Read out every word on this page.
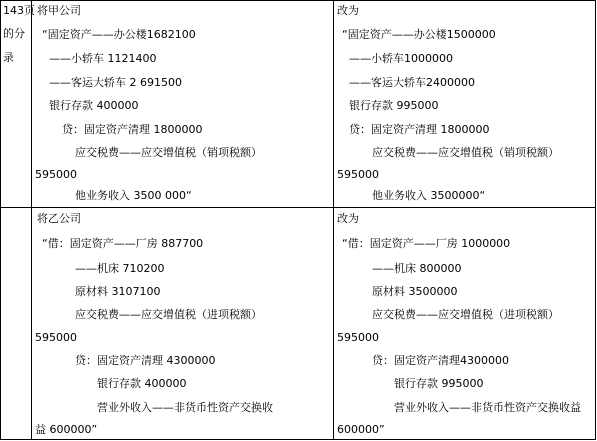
143页
的分
录
将甲公司
“固定资产——办公楼1682100
——小轿车 1121400
——客运大轿车 2 691500
银行存款 400000
贷：固定资产清理 1800000
应交税费——应交增值税（销项税额）
595000
他业务收入 3500 000“
改为
“固定资产——办公楼1500000
——小轿车1000000
——客运大轿车2400000
银行存款 995000
贷：固定资产清理 1800000
应交税费——应交增值税（销项税额）
595000
他业务收入 3500000“
将乙公司
“借：固定资产——厂房 887700
——机床 710200
原材料 3107100
应交税费——应交增值税（进项税额）
595000
贷：固定资产清理 4300000
银行存款 400000
营业外收入——非货币性资产交换收
益 600000”
改为
“借：固定资产——厂房 1000000
——机床 800000
原材料 3500000
应交税费——应交增值税（进项税额）
595000
贷：固定资产清理4300000
银行存款 995000
营业外收入——非货币性资产交换收益
600000”
